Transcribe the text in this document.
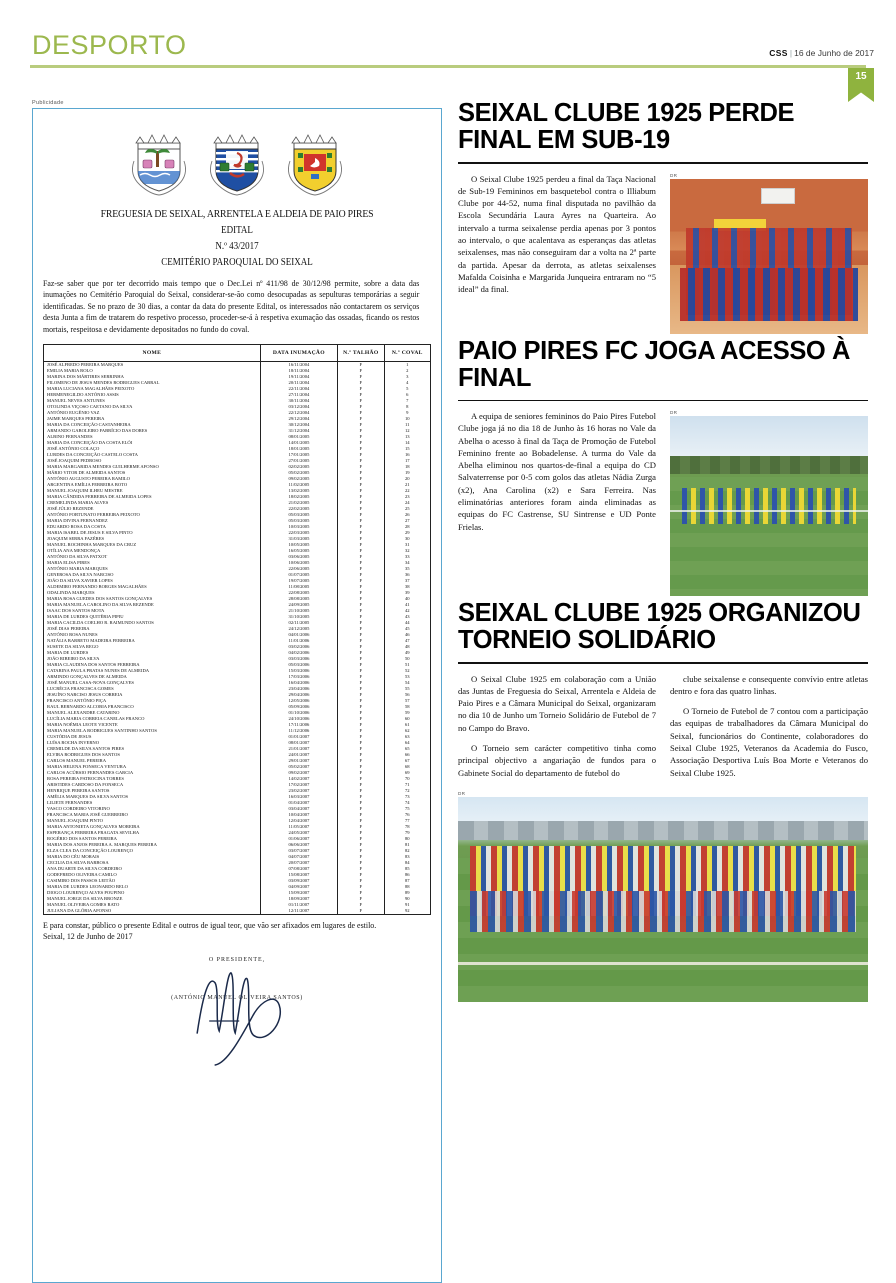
DESPORTO	CSS | 16 de Junho de 2017
15
Publicidade
FREGUESIA DE SEIXAL, ARRENTELA E ALDEIA DE PAIO PIRES
EDITAL
N.º 43/2017
CEMITÉRIO PAROQUIAL DO SEIXAL
Faz-se saber que por ter decorrido mais tempo que o Dec.Lei nº 411/98 de 30/12/98 permite, sobre a data das inumações no Cemitério Paroquial do Seixal, considerar-se-ão como desocupadas as sepulturas temporárias a seguir identificadas. Se no prazo de 30 dias, a contar da data do presente Edital, os interessados não contactarem os serviços desta Junta a fim de tratarem do respetivo processo, proceder-se-á à respetiva exumação das ossadas, ficando os restos mortais, respeitosa e devidamente depositados no fundo do coval.
NOME	DATA INUMAÇÃO	N.º TALHÃO	N.º COVAL
JOSÉ ALFREDO PEREIRA MARQUES	16/11/2004	F	1
EMILIA MARIA ROLO	18/11/2004	F	2
MARINA DOS MÁRTIRES SERRINHA	19/11/2004	F	3
FILOMENO DE JESUS MENDES RODRIGUES CABRAL	20/11/2004	F	4
MARIA LUCIANA MAGALHÃES PEIXOTO	22/11/2004	F	5
HERMENEGILDO ANTÓNIO ASSIS	27/11/2004	F	6
MANUEL NEVES ANTUNES	30/11/2004	F	7
OTOLINDA VIÇOSO CAETANO DA SILVA	03/12/2004	F	8
ANTÓNIO EUGÉNIO VAZ	22/12/2004	F	9
JAIME MARQUES PEREIRA	29/12/2004	F	10
MARIA DA CONCEIÇÃO CASTANHEIRA	30/12/2004	F	11
ARMANDO GABOLEIRO FABRÍCIO DAS DORES	31/12/2004	F	12
ALBINO FERNANDES	08/01/2005	F	13
MARIA DA CONCEIÇÃO DA COSTA ELÓI	14/01/2005	F	14
JOSÉ ANTÓNIO COLAÇO	18/01/2005	F	15
LURDES DA CONCEIÇÃO CASTELO COSTA	17/01/2005	F	16
JOSÉ JOAQUIM PEDROSO	27/01/2005	F	17
MARIA MARGARIDA MENDES GUILHERME AFONSO	02/02/2005	F	18
MÁRIO VITOR DE ALMEIDA SANTOS	05/02/2005	F	19
ANTÓNIO AUGUSTO PEREIRA RAMILO	09/02/2005	F	20
ARGENTINA EMÍLIA FERREIRA BOTO	11/02/2005	F	21
MANUEL JOAQUIM ILHEU MESTRE	13/02/2005	F	22
MARIA CÂNDIDA FERREIRA DE ALMEIDA LOPES	18/02/2005	F	23
CREMELINDA MARIA ALVES	21/02/2005	F	24
JOSÉ JÚLIO REZENDE	22/02/2005	F	25
ANTÓNIO FORTUNATO FERREIRA PEIXOTO	05/03/2005	F	26
MARIA DIVINA FERNANDEZ	05/03/2005	F	27
EDUARDO ROSA DA COSTA	10/03/2005	F	28
MARIA ISABEL DE JESUS E SILVA PINTO	22/03/2005	F	29
JOAQUIM SERRA FAZÉRES	31/03/2005	F	30
MANUEL ROCHINHA MARQUES DA CRUZ	10/05/2005	F	31
OTÍLIA ANA MENDONÇA	16/05/2005	F	32
ANTÓNIO DA SILVA PATXOT	03/06/2005	F	33
MARIA ELISA PIRES	10/06/2005	F	34
ANTÓNIO MARIA MARQUES	22/06/2005	F	35
GENEROSA DA SILVA NARCISO	01/07/2005	F	36
JOÃO DA SILVA XAVIER LOPES	19/07/2005	F	37
ALDEMIRO FERNANDO BORGES MAGALHÃES	11/08/2005	F	38
ODALINDA MARQUES	22/08/2005	F	39
MARIA ROSA GUEDES DOS SANTOS GONÇALVES	28/08/2005	F	40
MARIA MANUELA CAROLINO DA SILVA REZENDE	24/09/2005	F	41
ISAAC DOS SANTOS MOTA	21/10/2005	F	42
MARIA DE LURDES QUITÉRIA PIPIU	31/10/2005	F	43
MARIA CACILDA COELHO R. RAIMUNDO SANTOS	02/11/2005	F	44
JOSÉ DIAS PEREIRA	24/12/2005	F	45
ANTÓNIO ROSA NUNES	04/01/2006	F	46
NATÁLIA BARRETO MADEIRA FERREIRA	11/01/2006	F	47
SUSETE DA SILVA REGO	03/02/2006	F	48
MARIA DE LURDES	04/02/2006	F	49
JOÃO RIBEIRO DA SILVA	03/03/2006	F	50
MARIA CLAUDINA DOS SANTOS FERREIRA	05/03/2006	F	51
CATARINA PAULA PRATAS NUNES DE ALMEIDA	15/03/2006	F	52
ARMINDO GONÇALVES DE ALMEIDA	17/03/2006	F	53
JOSÉ MANUEL CASA-NOVA GONÇALVES	16/04/2006	F	54
LUCRÉCIA FRANCISCA GOMES	23/04/2006	F	55
JESUÍNO NARCISO JESUS CORREIA	29/04/2006	F	56
FRANCISCO ANTÓNIO PIÇA	12/05/2006	F	57
RAUL BERNARDO ALCOBIA FRANCISCO	05/09/2006	F	58
MANUEL ALEXANDRE CATARINO	01/10/2006	F	59
LUCÍLIA MARIA CORREIA CANELAS FRANCO	24/10/2006	F	60
MARIA NOÉMIA LEOTE VICENTE	17/11/2006	F	61
MARIA MANUELA RODRIGUES SANTINHO SANTOS	11/12/2006	F	62
CUSTÓDIA DE JESUS	01/01/2007	F	63
LUÍSA ROCHA INVERNO	08/01/2007	F	64
CREMILDE DA SILVA SANTOS PIRES	21/01/2007	F	65
ELVIRA RODRIGUES DOS SANTOS	24/01/2007	F	66
CARLOS MANUEL PEREIRA	29/01/2007	F	67
MARIA HELENA FONSECA VENTURA	05/02/2007	F	68
CARLOS ACÚRSIO FERNANDES GARCIA	09/02/2007	F	69
ROSA PEREIRA PATROCINA TORRES	14/02/2007	F	70
ARISTIDES CARDOSO DA FONSECA	17/02/2007	F	71
HENRIQUE PEREIRA SANTOS	23/02/2007	F	72
AMÉLIA MARQUES DA SILVA SANTOS	16/03/2007	F	73
LILIETE FERNANDES	01/04/2007	F	74
VASCO CORDEIRO VITORINO	03/04/2007	F	75
FRANCISCA MARIA JOSÉ GUERREIRO	10/04/2007	F	76
MANUEL JOAQUIM PINTO	12/04/2007	F	77
MARIA ANTONIETA GONÇALVES MOREIRA	11/05/2007	F	78
ESPERANÇA FERREIRA FRAGATA SEVILHA	24/05/2007	F	79
ROGÉRIO DOS SANTOS PEREIRA	01/06/2007	F	80
MARIA DOS ANJOS PEREIRA A. MARQUES PEREIRA	06/06/2007	F	81
ELZA CLEA DA CONCEIÇÃO LOURENÇO	03/07/2007	F	82
MARIA DO CÉU MORAIS	04/07/2007	F	83
CECILIA DA SILVA BARBOSA	20/07/2007	F	84
ANA DUARTE DA SILVA CORDEIRO	07/08/2007	F	85
GODEFREDO OLIVEIRA CAMILO	15/08/2007	F	86
CASIMIRO DOS PASSOS LEITÃO	03/09/2007	F	87
MARIA DE LURDES LEONARDO BELO	04/09/2007	F	88
DIOGO LOURENÇO ALVES POUPINO	15/09/2007	F	89
MANUEL JORGE DA SILVA BRONZE	18/09/2007	F	90
MANUEL OLIVEIRA GOMES RATO	01/11/2007	F	91
JULIANA DA GLÓRIA AFONSO	12/11/2007	F	92
E para constar, público o presente Edital e outros de igual teor, que vão ser afixados em lugares de estilo.
Seixal, 12 de Junho de 2017
O PRESIDENTE,
(ANTÓNIO MANUEL OLIVEIRA SANTOS)
SEIXAL CLUBE 1925 PERDE FINAL EM SUB-19

O Seixal Clube 1925 perdeu a final da Taça Nacional de Sub-19 Femininos em basquetebol contra o Illiabum Clube por 44-52, numa final disputada no pavilhão da Escola Secundária Laura Ayres na Quarteira. Ao intervalo a turma seixalense perdia apenas por 3 pontos ao intervalo, o que acalentava as esperanças das atletas seixalenses, mas não conseguiram dar a volta na 2ª parte da partida. Apesar da derrota, as atletas seixalenses Mafalda Coisinha e Margarida Junqueira entraram no “5 ideal” da final.

DR
PAIO PIRES FC JOGA ACESSO À FINAL

A equipa de seniores femininos do Paio Pires Futebol Clube joga já no dia 18 de Junho às 16 horas no Vale da Abelha o acesso à final da Taça de Promoção de Futebol Feminino frente ao Bobadelense. A turma do Vale da Abelha eliminou nos quartos-de-final a equipa do CD Salvaterrense por 0-5 com golos das atletas Nádia Zurga (x2), Ana Carolina (x2) e Sara Ferreira. Nas eliminatórias anteriores foram ainda eliminadas as equipas do FC Castrense, SU Sintrense e UD Ponte Frielas.

DR
SEIXAL CLUBE 1925 ORGANIZOU TORNEIO SOLIDÁRIO

O Seixal Clube 1925 em colaboração com a União das Juntas de Freguesia do Seixal, Arrentela e Aldeia de Paio Pires e a Câmara Municipal do Seixal, organizaram no dia 10 de Junho um Torneio Solidário de Futebol de 7 no Campo do Bravo.

O Torneio sem carácter competitivo tinha como principal objectivo a angariação de fundos para o Gabinete Social do departamento de futebol do

clube seixalense e consequente convívio entre atletas dentro e fora das quatro linhas.

O Torneio de Futebol de 7 contou com a participação das equipas de trabalhadores da Câmara Municipal do Seixal, funcionários do Continente, colaboradores do Seixal Clube 1925, Veteranos da Academia do Fusco, Associação Desportiva Luís Boa Morte e Veteranos do Seixal Clube 1925.

DR
